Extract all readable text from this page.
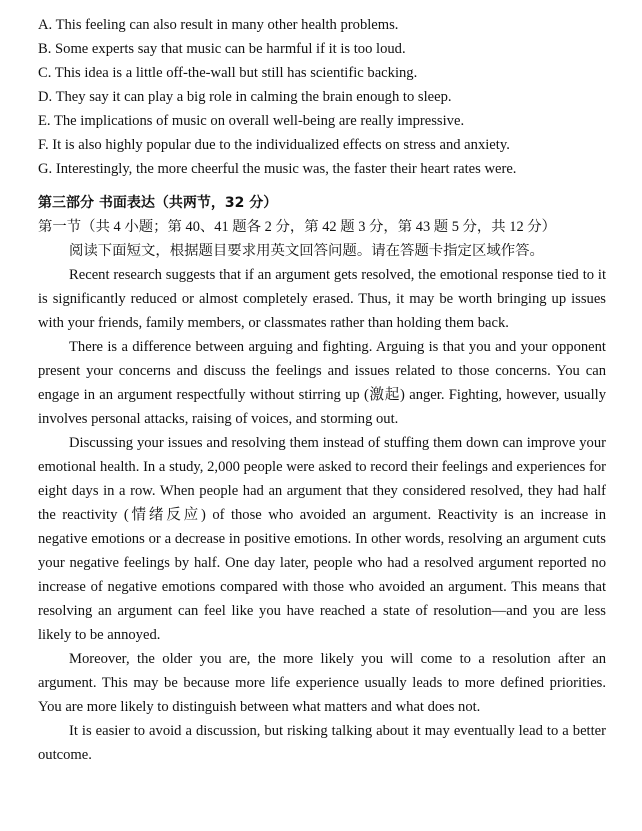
A. This feeling can also result in many other health problems.
B. Some experts say that music can be harmful if it is too loud.
C. This idea is a little off-the-wall but still has scientific backing.
D. They say it can play a big role in calming the brain enough to sleep.
E. The implications of music on overall well-being are really impressive.
F. It is also highly popular due to the individualized effects on stress and anxiety.
G. Interestingly, the more cheerful the music was, the faster their heart rates were.
第三部分 书面表达（共两节，32 分）
第一节（共 4 小题；第 40、41 题各 2 分，第 42 题 3 分，第 43 题 5 分，共 12 分）
阅读下面短文，根据题目要求用英文回答问题。请在答题卡指定区域作答。

Recent research suggests that if an argument gets resolved, the emotional response tied to it is significantly reduced or almost completely erased. Thus, it may be worth bringing up issues with your friends, family members, or classmates rather than holding them back.

There is a difference between arguing and fighting. Arguing is that you and your opponent present your concerns and discuss the feelings and issues related to those concerns. You can engage in an argument respectfully without stirring up (激起) anger. Fighting, however, usually involves personal attacks, raising of voices, and storming out.

Discussing your issues and resolving them instead of stuffing them down can improve your emotional health. In a study, 2,000 people were asked to record their feelings and experiences for eight days in a row. When people had an argument that they considered resolved, they had half the reactivity (情绪反应) of those who avoided an argument. Reactivity is an increase in negative emotions or a decrease in positive emotions. In other words, resolving an argument cuts your negative feelings by half. One day later, people who had a resolved argument reported no increase of negative emotions compared with those who avoided an argument. This means that resolving an argument can feel like you have reached a state of resolution—and you are less likely to be annoyed.

Moreover, the older you are, the more likely you will come to a resolution after an argument. This may be because more life experience usually leads to more defined priorities. You are more likely to distinguish between what matters and what does not.

It is easier to avoid a discussion, but risking talking about it may eventually lead to a better outcome.
